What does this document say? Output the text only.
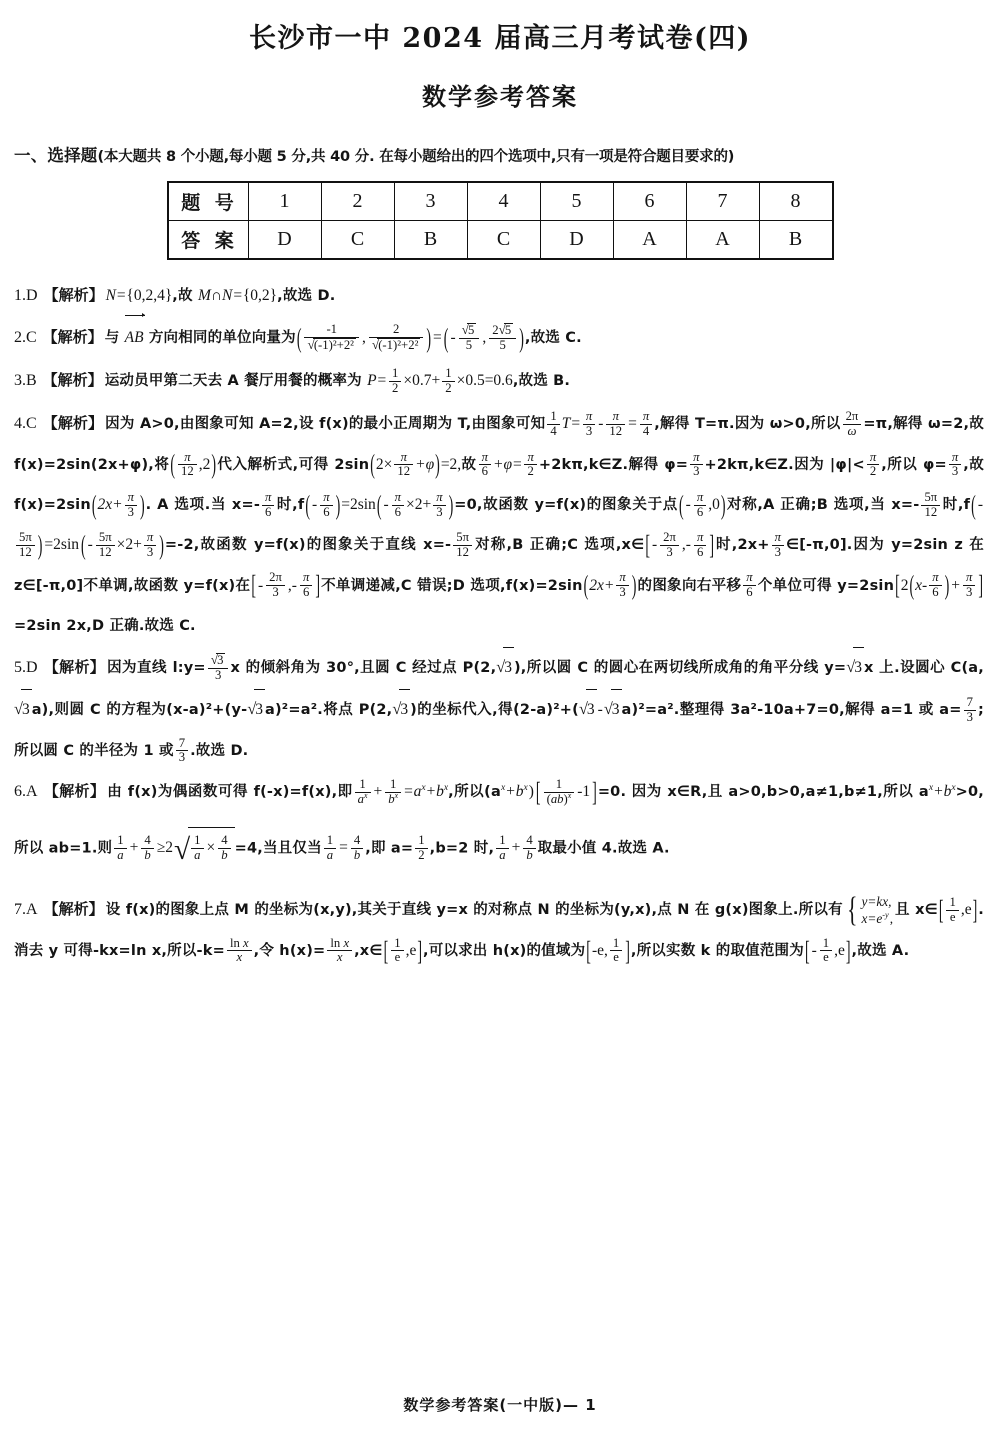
长沙市一中 2024 届高三月考试卷(四)
数学参考答案
一、选择题(本大题共 8 个小题,每小题 5 分,共 40 分. 在每小题给出的四个选项中,只有一项是符合题目要求的)
题 号	1	2	3	4	5	6	7	8
答 案	D	C	B	C	D	A	A	B
1.D 【解析】 N={0,2,4},故 M∩N={0,2},故选 D.
2.C 【解析】 与 AB 方向相同的单位向量为( $\frac{-1}{\text{√(-1)²+2²}}$ , $\frac{2}{\text{√(-1)²+2²}}$ ) = ( - $\frac{√5}{5}$ , $\frac{2√5}{5}$ ),故选 C.
3.B 【解析】 运动员甲第二天去 A 餐厅用餐的概率为 $P= \frac{1}{2} \times 0.7+ \frac{1}{2} \times 0.5=0.6$,故选 B.
4.C 【解析】 因为 A>0,由图象可知 A=2,设 f(x)的最小正周期为 T,由图象可知 $\frac{1}{4} T= \frac{\pi}{3} - \frac{\pi}{12} = \frac{\pi}{4}$ ,解得 T=π.因为 ω>0,所以 $\frac{2\pi}{\omega} =\pi$,解得 ω=2,故 f(x)=2sin(2x+φ),将( $\frac{\pi}{12} ,2$)代入解析式,可得 $2\sin(2\times \frac{\pi}{12} +\varphi)=2$,故 $\frac{\pi}{6} +\varphi= \frac{\pi}{2}$ +2kπ,k∈Z.解得 $\varphi= \frac{\pi}{3}$ +2kπ,k∈Z.因为 $|\varphi|< \frac{\pi}{2}$ ,所以 $\varphi= \frac{\pi}{3}$ ,故 $f(x)=2\sin(2x+ \frac{\pi}{3}$ ). A 选项.当 $x=- \frac{\pi}{6}$ 时$,f( - \frac{\pi}{6} )=2\sin( - \frac{\pi}{6} \times 2+ \frac{\pi}{3} )=0$,故函数 y=f(x)的图象关于点( - $\frac{\pi}{6} ,0$)对称,A 正确;B 选项,当 $x=- \frac{5\pi}{12}$ 时,f( -
$\frac{5\pi}{12}$ ) =2sin ( - $\frac{5\pi}{12} \times 2+ \frac{\pi}{3} )=-2$,故函数 y=f(x)的图象关于直线 $x=- \frac{5\pi}{12}$ 对称,B 正确;C 选项,x∈[ - $\frac{2\pi}{3}$ ,- $\frac{\pi}{6}$ ]时$,2x+ \frac{\pi}{3}$ ∈[-π,0].因为 y=2sin z 在 z∈[-π,0]不单调,故函数 y=f(x)在[ - $\frac{2\pi}{3}$ ,- $\frac{\pi}{6}$ ]不单调递减,C 错误;D 选项$,f(x)=2\sin(2x+ \frac{\pi}{3}$ )的图象向右平移 $\frac{\pi}{6}$ 个单位可得 $y=2\sin[2(x- \frac{\pi}{6}$ ) + $\frac{\pi}{3} ]=2\sin$ 2x,D 正确.故选 C.
5.D 【解析】 因为直线 l:y= $\frac{√3}{3}$ x 的倾斜角为 30°,且圆 C 经过点 P(2,√3 ),所以圆 C 的圆心在两切线所成角的角平分线 y=√3 x 上.设圆心 C(a,√3 a),则圆 C 的方程为(x-a)²+(y-√3 a)²=a².将点 P(2,√3 )的坐标代入,得(2-a)²+(√3 -√3 a)²=a².整理得 3a²-10a+7=0,解得 a=1 或 $a= \frac{7}{3}$ ;所以圆 C 的半径为 1 或 $\frac{7}{3}$ .故选 D.
6.A 【解析】 由 f(x)为偶函数可得 f(-x)=f(x),即 $\frac{1}{a^x} + \frac{1}{b^x} =a^x+b^x$,所以$(a^x+b^x)$ [ $\frac{1}{(ab)^x} -1$ ]=0. 因为 x∈R,且 a>0,b>0,a≠1,b≠1,所以 $a^x+b^x>0$,所以 ab=1.则 $\frac{1}{a} + \frac{4}{b} \ge 2√ \frac{1}{a} \times \frac{4}{b} =4$,当且仅当 $\frac{1}{a} = \frac{4}{b}$ ,即 $a= \frac{1}{2} ,b=2$ 时, $\frac{1}{a} + \frac{4}{b}$ 取最小值 4.故选 A.
7.A 【解析】 设 f(x)的图象上点 M 的坐标为(x,y),其关于直线 y=x 的对称点 N 的坐标为(y,x),点 N 在 g(x)图象上.所以有 { y=kx,
$x=e^{-y}$,
且 x∈[ $\frac{1}{e} ,e$]. 消去 y 可得-kx=ln x,所以$-k= \frac{\text{ln x}}{x}$ ,令 $h(x)= \frac{\text{ln x}}{x}$ ,x∈[ $\frac{1}{e} ,e$],可以求出 h(x)的值域为[-e, $\frac{1}{e}$ ],所以实数 k 的取值范围为[ - $\frac{1}{e} ,e$],故选 A.
数学参考答案(一中版)— 1
